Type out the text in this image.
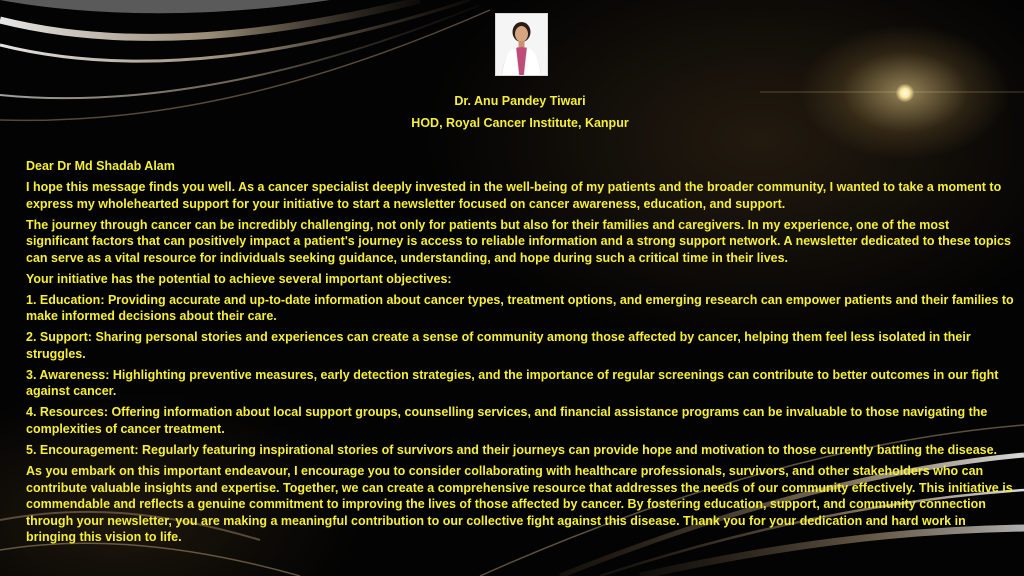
Dr. Anu Pandey Tiwari
HOD, Royal Cancer Institute, Kanpur

Dear Dr Md Shadab Alam

I hope this message finds you well. As a cancer specialist deeply invested in the well-being of my patients and the broader community, I wanted to take a moment to express my wholehearted support for your initiative to start a newsletter focused on cancer awareness, education, and support.

The journey through cancer can be incredibly challenging, not only for patients but also for their families and caregivers. In my experience, one of the most significant factors that can positively impact a patient's journey is access to reliable information and a strong support network. A newsletter dedicated to these topics can serve as a vital resource for individuals seeking guidance, understanding, and hope during such a critical time in their lives.

Your initiative has the potential to achieve several important objectives:

1. Education: Providing accurate and up-to-date information about cancer types, treatment options, and emerging research can empower patients and their families to make informed decisions about their care.

2. Support: Sharing personal stories and experiences can create a sense of community among those affected by cancer, helping them feel less isolated in their struggles.

3. Awareness: Highlighting preventive measures, early detection strategies, and the importance of regular screenings can contribute to better outcomes in our fight against cancer.

4. Resources: Offering information about local support groups, counselling services, and financial assistance programs can be invaluable to those navigating the complexities of cancer treatment.

5. Encouragement: Regularly featuring inspirational stories of survivors and their journeys can provide hope and motivation to those currently battling the disease.

As you embark on this important endeavour, I encourage you to consider collaborating with healthcare professionals, survivors, and other stakeholders who can contribute valuable insights and expertise. Together, we can create a comprehensive resource that addresses the needs of our community effectively. This initiative is commendable and reflects a genuine commitment to improving the lives of those affected by cancer. By fostering education, support, and community connection through your newsletter, you are making a meaningful contribution to our collective fight against this disease. Thank you for your dedication and hard work in bringing this vision to life.
